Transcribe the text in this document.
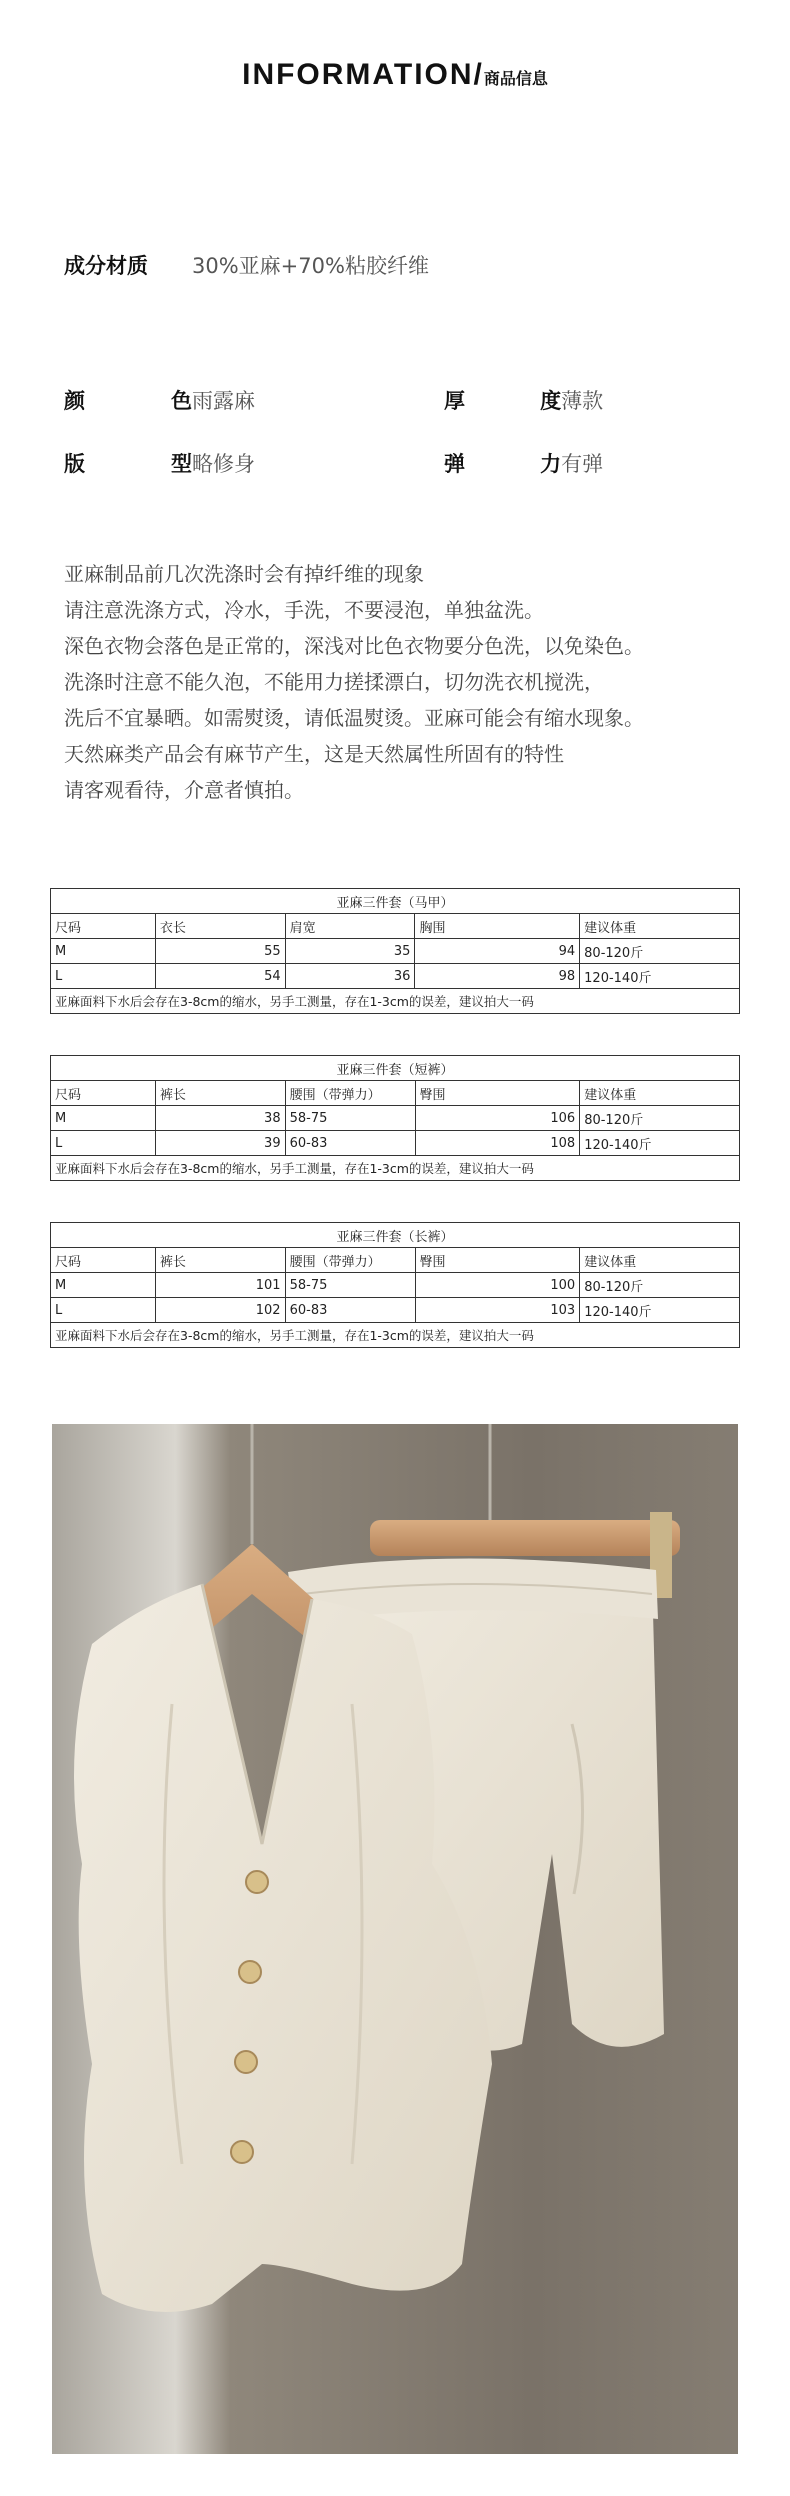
INFORMATION/商品信息
成分材质	30%亚麻+70%粘胶纤维
颜	色 雨露麻	厚	度 薄款
版	型 略修身	弹	力 有弹
亚麻制品前几次洗涤时会有掉纤维的现象
请注意洗涤方式，冷水，手洗，不要浸泡，单独盆洗。
深色衣物会落色是正常的，深浅对比色衣物要分色洗，以免染色。
洗涤时注意不能久泡，不能用力搓揉漂白，切勿洗衣机搅洗，
洗后不宜暴晒。如需熨烫，请低温熨烫。亚麻可能会有缩水现象。
天然麻类产品会有麻节产生，这是天然属性所固有的特性
请客观看待，介意者慎拍。
亚麻三件套（马甲）				
尺码	衣长	肩宽	胸围	建议体重
M	55	35	94	80-120斤
L	54	36	98	120-140斤
亚麻面料下水后会存在3-8cm的缩水，另手工测量，存在1-3cm的误差，建议拍大一码				
亚麻三件套（短裤）				
尺码	裤长	腰围（带弹力）	臀围	建议体重
M	38	58-75	106	80-120斤
L	39	60-83	108	120-140斤
亚麻面料下水后会存在3-8cm的缩水，另手工测量，存在1-3cm的误差，建议拍大一码				
亚麻三件套（长裤）				
尺码	裤长	腰围（带弹力）	臀围	建议体重
M	101	58-75	100	80-120斤
L	102	60-83	103	120-140斤
亚麻面料下水后会存在3-8cm的缩水，另手工测量，存在1-3cm的误差，建议拍大一码				
